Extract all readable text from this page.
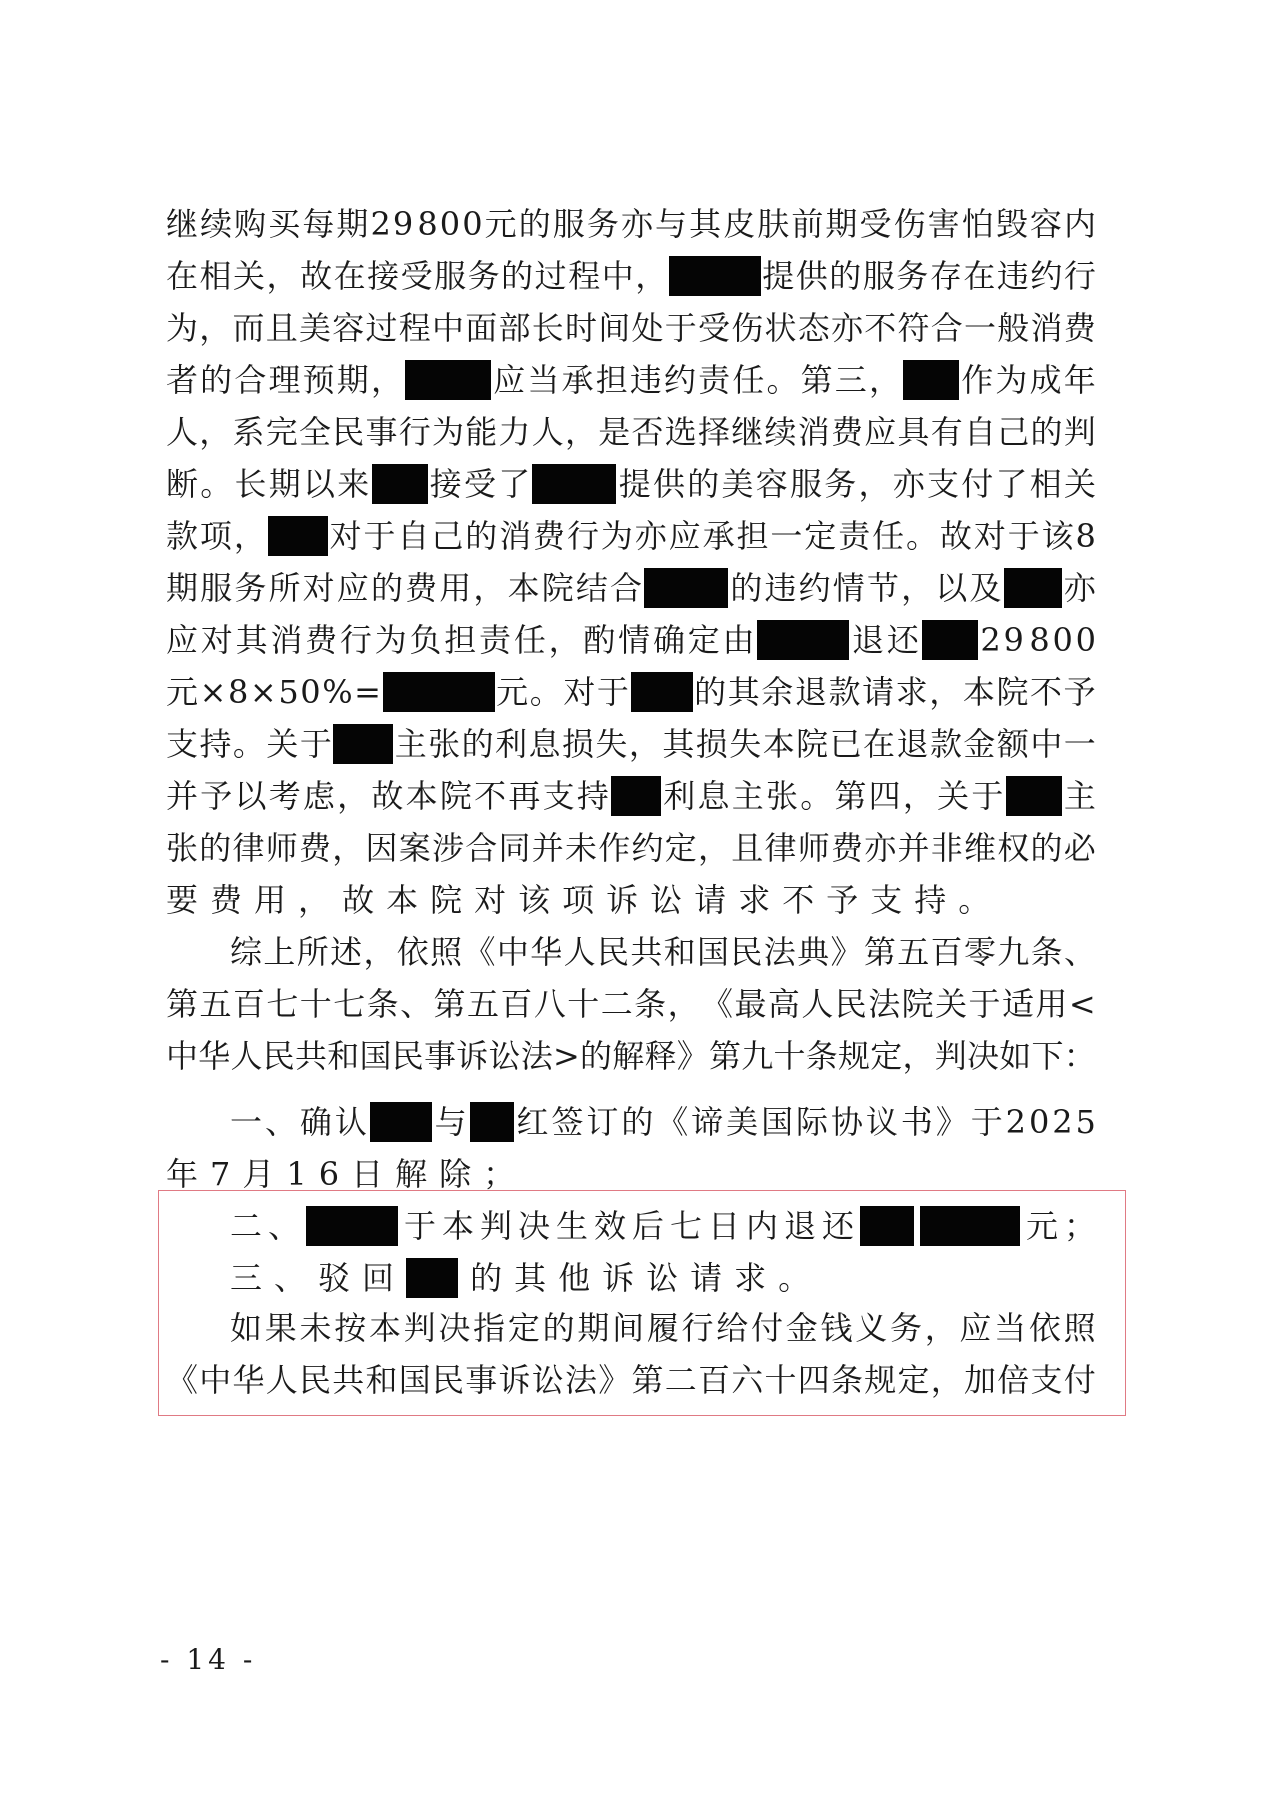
继 续 购 买 每 期 2 9 8 0 0 元 的 服 务 亦 与 其 皮 肤 前 期 受 伤 害 怕 毁 容 内
在 相 关 ， 故 在 接 受 服 务 的 过 程 中 ，	提 供 的 服 务 存 在 违 约 行
为 ， 而 且 美 容 过 程 中 面 部 长 时 间 处 于 受 伤 状 态 亦 不 符 合 一 般 消 费
者 的 合 理 预 期 ，	应 当 承 担 违 约 责 任 。 第 三 ， 作 为 成 年
人 ， 系 完 全 民 事 行 为 能 力 人 ， 是 否 选 择 继 续 消 费 应 具 有 自 己 的 判
断 。 长 期 以 来 接 受 了	提 供 的 美 容 服 务 ， 亦 支 付 了 相 关
款 项 ， 对 于 自 己 的 消 费 行 为 亦 应 承 担 一 定 责 任 。 故 对 于 该 8
期 服 务 所 对 应 的 费 用 ， 本 院 结 合	的 违 约 情 节 ， 以 及 亦
应 对 其 消 费 行 为 负 担 责 任 ， 酌 情 确 定 由	退 还 2 9 8 0 0
元 × 8 × 5 0 % =	元 。 对 于 的 其 余 退 款 请 求 ， 本 院 不 予
支 持 。 关 于 主 张 的 利 息 损 失 ， 其 损 失 本 院 已 在 退 款 金 额 中 一
并 予 以 考 虑 ， 故 本 院 不 再 支 持 利 息 主 张 。 第 四 ， 关 于 主
张 的 律 师 费 ， 因 案 涉 合 同 并 未 作 约 定 ， 且 律 师 费 亦 并 非 维 权 的 必
要 费 用 ， 故 本 院 对 该 项 诉 讼 请 求 不 予 支 持 。
综 上 所 述 ， 依 照 《 中 华 人 民 共 和 国 民 法 典 》 第 五 百 零 九 条 、
第 五 百 七 十 七 条 、 第 五 百 八 十 二 条 ， 《 最 高 人 民 法 院 关 于 适 用 <
中 华 人 民 共 和 国 民 事 诉 讼 法 > 的 解 释 》 第 九 十 条 规 定 ， 判 决 如 下 ：
一 、 确 认 与 红 签 订 的 《 谛 美 国 际 协 议 书 》 于 2 0 2 5
年 7 月 1 6 日 解 除 ；
二 、	于 本 判 决 生 效 后 七 日 内 退 还	元 ；
三 、 驳 回 的 其 他 诉 讼 请 求 。
如 果 未 按 本 判 决 指 定 的 期 间 履 行 给 付 金 钱 义 务 ， 应 当 依 照
《 中 华 人 民 共 和 国 民 事 诉 讼 法 》 第 二 百 六 十 四 条 规 定 ， 加 倍 支 付
- 14 -
